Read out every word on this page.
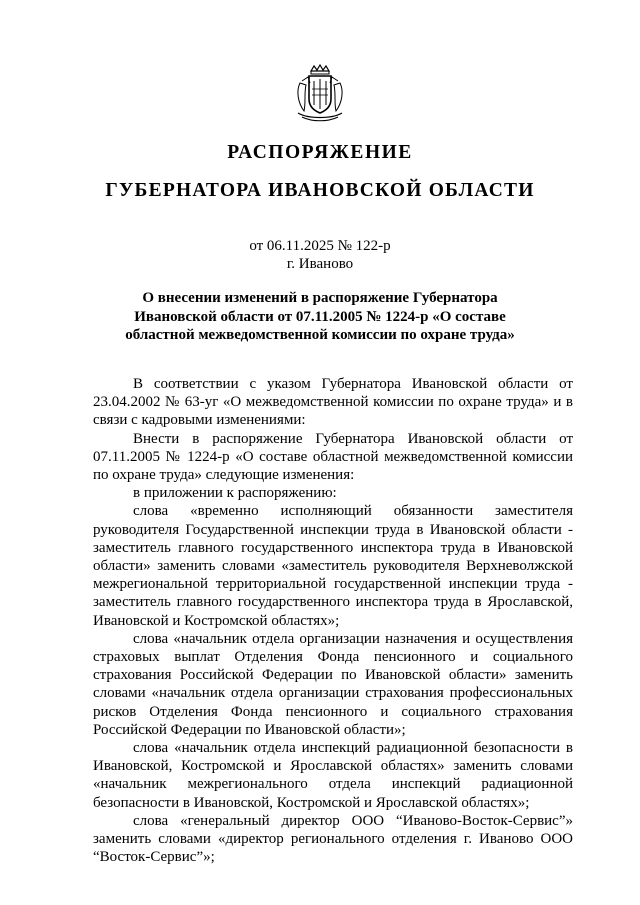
РАСПОРЯЖЕНИЕ
ГУБЕРНАТОРА ИВАНОВСКОЙ ОБЛАСТИ
от 06.11.2025 № 122-р
г. Иваново
О внесении изменений в распоряжение Губернатора Ивановской области от 07.11.2005 № 1224-р «О составе областной межведомственной комиссии по охране труда»

В соответствии с указом Губернатора Ивановской области от 23.04.2002 № 63-уг «О межведомственной комиссии по охране труда» и в связи с кадровыми изменениями:

Внести в распоряжение Губернатора Ивановской области от 07.11.2005 № 1224-р «О составе областной межведомственной комиссии по охране труда» следующие изменения:

в приложении к распоряжению:

слова «временно исполняющий обязанности заместителя руководителя Государственной инспекции труда в Ивановской области - заместитель главного государственного инспектора труда в Ивановской области» заменить словами «заместитель руководителя Верхневолжской межрегиональной территориальной государственной инспекции труда - заместитель главного государственного инспектора труда в Ярославской, Ивановской и Костромской областях»;

слова «начальник отдела организации назначения и осуществления страховых выплат Отделения Фонда пенсионного и социального страхования Российской Федерации по Ивановской области» заменить словами «начальник отдела организации страхования профессиональных рисков Отделения Фонда пенсионного и социального страхования Российской Федерации по Ивановской области»;

слова «начальник отдела инспекций радиационной безопасности в Ивановской, Костромской и Ярославской областях» заменить словами «начальник межрегионального отдела инспекций радиационной безопасности в Ивановской, Костромской и Ярославской областях»;

слова «генеральный директор ООО “Иваново-Восток-Сервис”» заменить словами «директор регионального отделения г. Иваново ООО “Восток-Сервис”»;
